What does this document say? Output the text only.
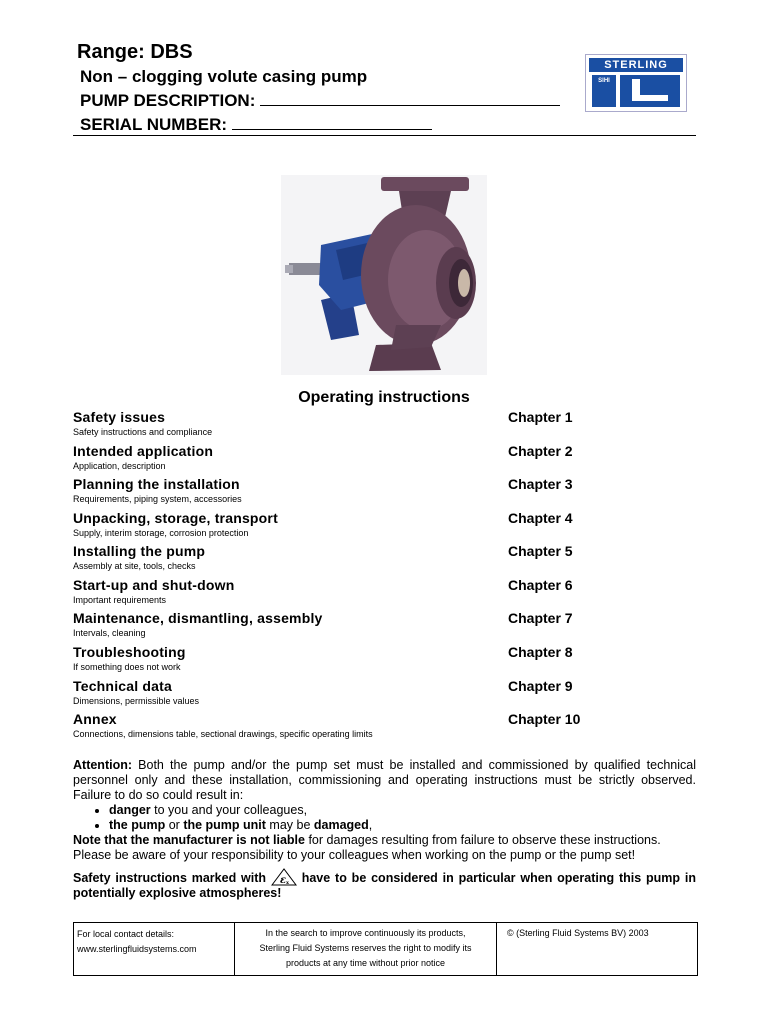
Range: DBS
Non – clogging volute casing pump
PUMP DESCRIPTION:
SERIAL NUMBER:
STERLING
SIHI
Operating instructions
Safety issues
Safety instructions and compliance
Chapter 1
Intended application
Application, description
Chapter 2
Planning the installation
Requirements, piping system, accessories
Chapter 3
Unpacking, storage, transport
Supply, interim storage, corrosion protection
Chapter 4
Installing the pump
Assembly at site, tools, checks
Chapter 5
Start-up and shut-down
Important requirements
Chapter 6
Maintenance, dismantling, assembly
Intervals, cleaning
Chapter 7
Troubleshooting
If something does not work
Chapter 8
Technical data
Dimensions, permissible values
Chapter 9
Annex
Connections, dimensions table, sectional drawings, specific operating limits
Chapter 10

Attention: Both the pump and/or the pump set must be installed and commissioned by qualified technical personnel only and these installation, commissioning and operating instructions must be strictly observed. Failure to do so could result in:

• danger to you and your colleagues,
• the pump or the pump unit may be damaged,

Note that the manufacturer is not liable for damages resulting from failure to observe these instructions.

Please be aware of your responsibility to your colleagues when working on the pump or the pump set!

Safety instructions marked with ε x have to be considered in particular when operating this pump in potentially explosive atmospheres!

For local contact details:
www.sterlingfluidsystems.com
In the search to improve continuously its products,
Sterling Fluid Systems reserves the right to modify its
products at any time without prior notice
© (Sterling Fluid Systems BV) 2003
